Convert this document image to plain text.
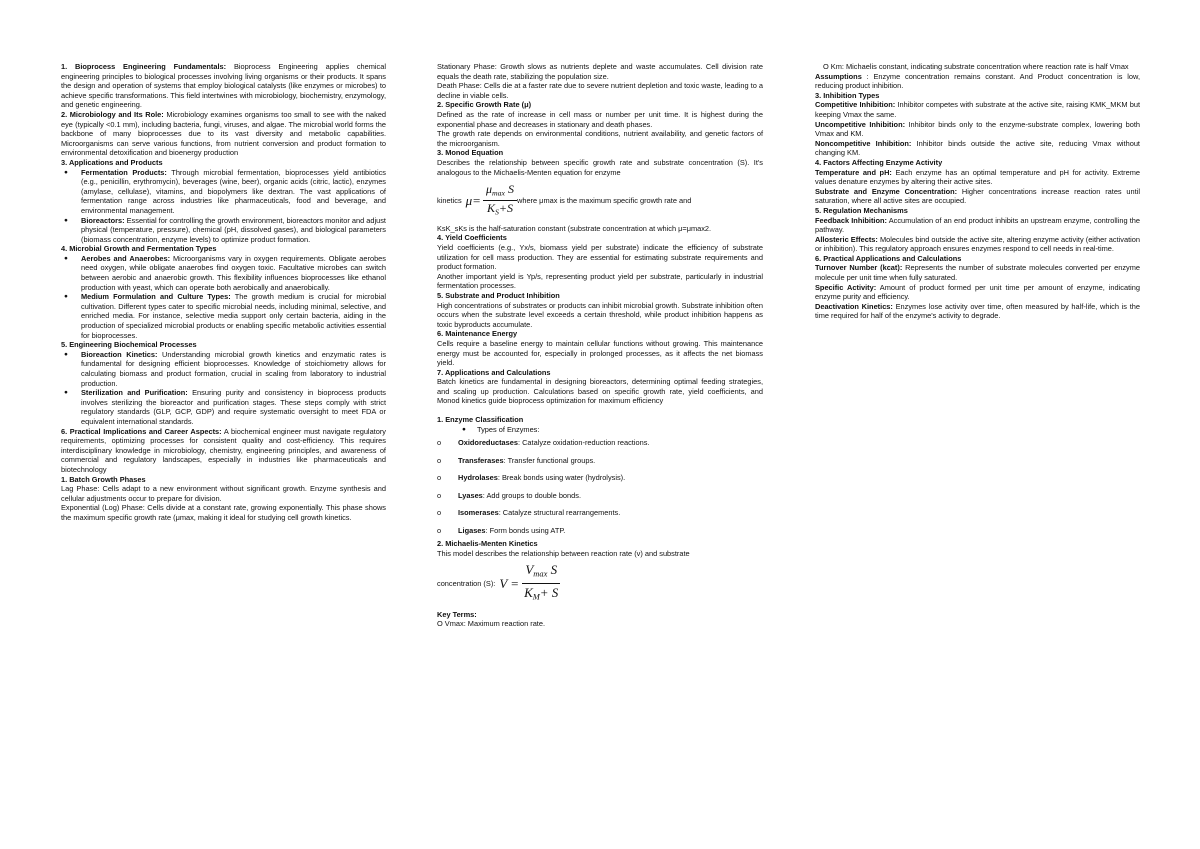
1. Bioprocess Engineering Fundamentals: Bioprocess Engineering applies chemical engineering principles to biological processes involving living organisms or their products. It spans the design and operation of systems that employ biological catalysts (like enzymes or microbes) to achieve specific transformations. This field intertwines with microbiology, biochemistry, enzymology, and genetic engineering.

2. Microbiology and Its Role: Microbiology examines organisms too small to see with the naked eye (typically <0.1 mm), including bacteria, fungi, viruses, and algae. The microbial world forms the backbone of many bioprocesses due to its vast diversity and metabolic capabilities. Microorganisms can serve various functions, from nutrient conversion and product formation to environmental detoxification and bioenergy production

3. Applications and Products

● Fermentation Products: Through microbial fermentation, bioprocesses yield antibiotics (e.g., penicillin, erythromycin), beverages (wine, beer), organic acids (citric, lactic), enzymes (amylase, cellulase), vitamins, and biopolymers like dextran. The vast applications of fermentation range across industries like pharmaceuticals, food and beverage, and environmental management.
● Bioreactors: Essential for controlling the growth environment, bioreactors monitor and adjust physical (temperature, pressure), chemical (pH, dissolved gases), and biological parameters (biomass concentration, enzyme levels) to optimize product formation.

4. Microbial Growth and Fermentation Types

● Aerobes and Anaerobes: Microorganisms vary in oxygen requirements. Obligate aerobes need oxygen, while obligate anaerobes find oxygen toxic. Facultative microbes can switch between aerobic and anaerobic growth. This flexibility influences bioprocesses like ethanol production with yeast, which can operate both aerobically and anaerobically.
● Medium Formulation and Culture Types: The growth medium is crucial for microbial cultivation. Different types cater to specific microbial needs, including minimal, selective, and enriched media. For instance, selective media support only certain bacteria, aiding in the production of specialized microbial products or enabling specific metabolic activities essential for bioprocesses.

5. Engineering Biochemical Processes

● Bioreaction Kinetics: Understanding microbial growth kinetics and enzymatic rates is fundamental for designing efficient bioprocesses. Knowledge of stoichiometry allows for calculating biomass and product formation, crucial in scaling from laboratory to industrial production.
● Sterilization and Purification: Ensuring purity and consistency in bioprocess products involves sterilizing the bioreactor and purification stages. These steps comply with strict regulatory standards (GLP, GCP, GDP) and require systematic oversight to meet FDA or equivalent international standards.

6. Practical Implications and Career Aspects: A biochemical engineer must navigate regulatory requirements, optimizing processes for consistent quality and cost-efficiency. This requires interdisciplinary knowledge in microbiology, chemistry, engineering principles, and awareness of commercial and regulatory landscapes, especially in industries like pharmaceuticals and biotechnology

1. Batch Growth Phases

Lag Phase: Cells adapt to a new environment without significant growth. Enzyme synthesis and cellular adjustments occur to prepare for division.

Exponential (Log) Phase: Cells divide at a constant rate, growing exponentially. This phase shows the maximum specific growth rate (μmax, making it ideal for studying cell growth kinetics.

Stationary Phase: Growth slows as nutrients deplete and waste accumulates. Cell division rate equals the death rate, stabilizing the population size.

Death Phase: Cells die at a faster rate due to severe nutrient depletion and toxic waste, leading to a decline in viable cells.

2. Specific Growth Rate (μ)

Defined as the rate of increase in cell mass or number per unit time. It is highest during the exponential phase and decreases in stationary and death phases.

The growth rate depends on environmental conditions, nutrient availability, and genetic factors of the microorganism.

3. Monod Equation

Describes the relationship between specific growth rate and substrate concentration (S). It's analogous to the Michaelis-Menten equation for enzyme

kinetics $\mu= \frac{\mu_{max} S}{K_S+S}$ where μmax is the maximum specific growth rate and

KsK_sKs is the half-saturation constant (substrate concentration at which μ=μmax2.

4. Yield Coefficients

Yield coefficients (e.g., Yx/s, biomass yield per substrate) indicate the efficiency of substrate utilization for cell mass production. They are essential for estimating substrate requirements and product formation.

Another important yield is Yp/s, representing product yield per substrate, particularly in industrial fermentation processes.

5. Substrate and Product Inhibition

High concentrations of substrates or products can inhibit microbial growth. Substrate inhibition often occurs when the substrate level exceeds a certain threshold, while product inhibition happens as toxic byproducts accumulate.

6. Maintenance Energy

Cells require a baseline energy to maintain cellular functions without growing. This maintenance energy must be accounted for, especially in prolonged processes, as it affects the net biomass yield.

7. Applications and Calculations

Batch kinetics are fundamental in designing bioreactors, determining optimal feeding strategies, and scaling up production. Calculations based on specific growth rate, yield coefficients, and Monod kinetics guide bioprocess optimization for maximum efficiency

1. Enzyme Classification

● Types of Enzymes:

o Oxidoreductases: Catalyze oxidation-reduction reactions.
o Transferases: Transfer functional groups.
o Hydrolases: Break bonds using water (hydrolysis).
o Lyases: Add groups to double bonds.
o Isomerases: Catalyze structural rearrangements.
o Ligases: Form bonds using ATP.

2. Michaelis-Menten Kinetics

This model describes the relationship between reaction rate (v) and substrate

concentration (S): $V = \frac{V_{max} S}{K_M+ S}$

Key Terms:

O Vmax: Maximum reaction rate.

O Km: Michaelis constant, indicating substrate concentration where reaction rate is half Vmax

Assumptions : Enzyme concentration remains constant. And Product concentration is low, reducing product inhibition.

3. Inhibition Types

Competitive Inhibition: Inhibitor competes with substrate at the active site, raising KMK_MKM but keeping Vmax the same.

Uncompetitive Inhibition: Inhibitor binds only to the enzyme-substrate complex, lowering both Vmax and KM.

Noncompetitive Inhibition: Inhibitor binds outside the active site, reducing Vmax without changing KM.

4. Factors Affecting Enzyme Activity

Temperature and pH: Each enzyme has an optimal temperature and pH for activity. Extreme values denature enzymes by altering their active sites.

Substrate and Enzyme Concentration: Higher concentrations increase reaction rates until saturation, where all active sites are occupied.

5. Regulation Mechanisms

Feedback Inhibition: Accumulation of an end product inhibits an upstream enzyme, controlling the pathway.

Allosteric Effects: Molecules bind outside the active site, altering enzyme activity (either activation or inhibition). This regulatory approach ensures enzymes respond to cell needs in real-time.

6. Practical Applications and Calculations

Turnover Number (kcat): Represents the number of substrate molecules converted per enzyme molecule per unit time when fully saturated.

Specific Activity: Amount of product formed per unit time per amount of enzyme, indicating enzyme purity and efficiency.

Deactivation Kinetics: Enzymes lose activity over time, often measured by half-life, which is the time required for half of the enzyme's activity to degrade.
